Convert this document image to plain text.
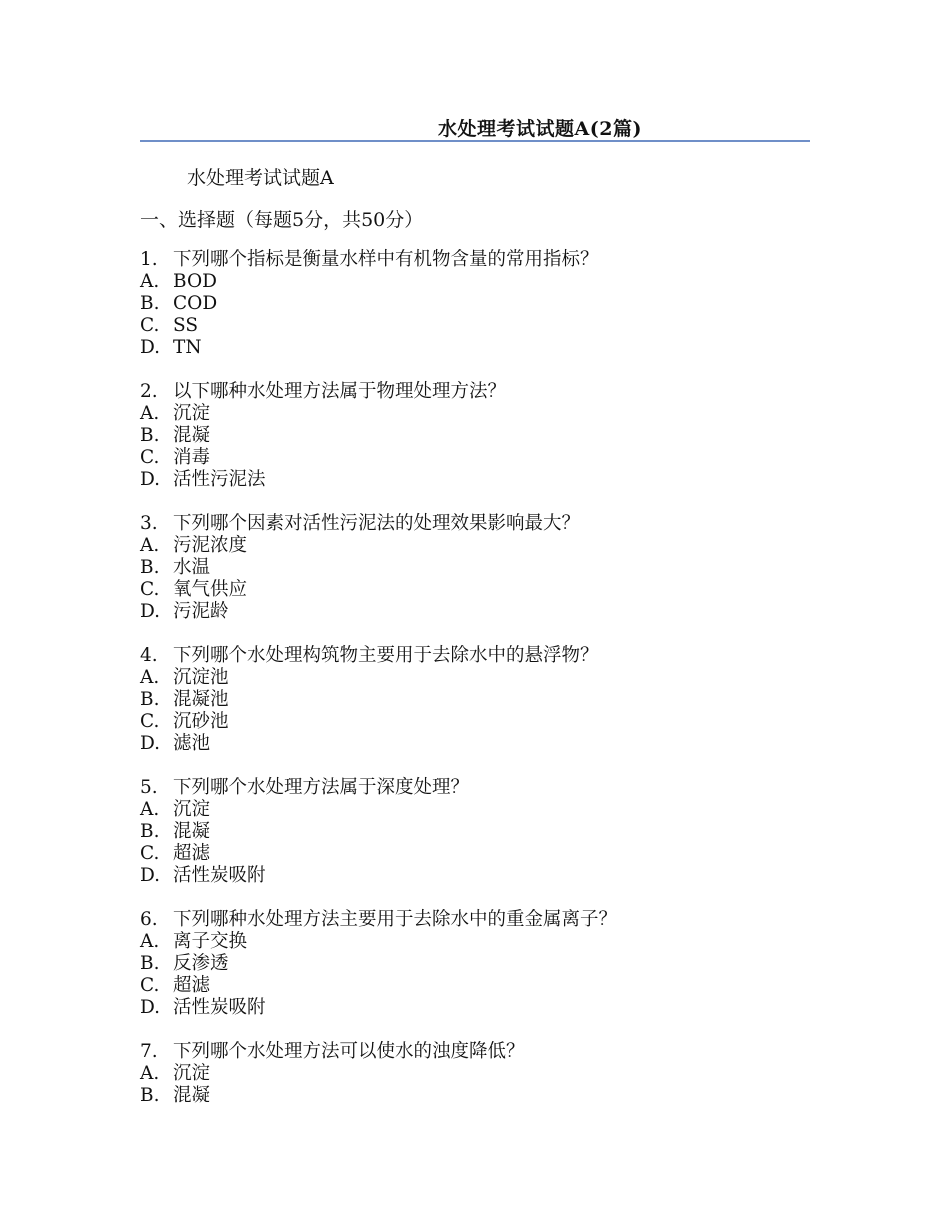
水处理考试试题A(2篇)
水处理考试试题A
一、选择题（每题5分，共50分）
1. 下列哪个指标是衡量水样中有机物含量的常用指标？
A. BOD
B. COD
C. SS
D. TN
2. 以下哪种水处理方法属于物理处理方法？
A. 沉淀
B. 混凝
C. 消毒
D. 活性污泥法
3. 下列哪个因素对活性污泥法的处理效果影响最大？
A. 污泥浓度
B. 水温
C. 氧气供应
D. 污泥龄
4. 下列哪个水处理构筑物主要用于去除水中的悬浮物？
A. 沉淀池
B. 混凝池
C. 沉砂池
D. 滤池
5. 下列哪个水处理方法属于深度处理？
A. 沉淀
B. 混凝
C. 超滤
D. 活性炭吸附
6. 下列哪种水处理方法主要用于去除水中的重金属离子？
A. 离子交换
B. 反渗透
C. 超滤
D. 活性炭吸附
7. 下列哪个水处理方法可以使水的浊度降低？
A. 沉淀
B. 混凝
